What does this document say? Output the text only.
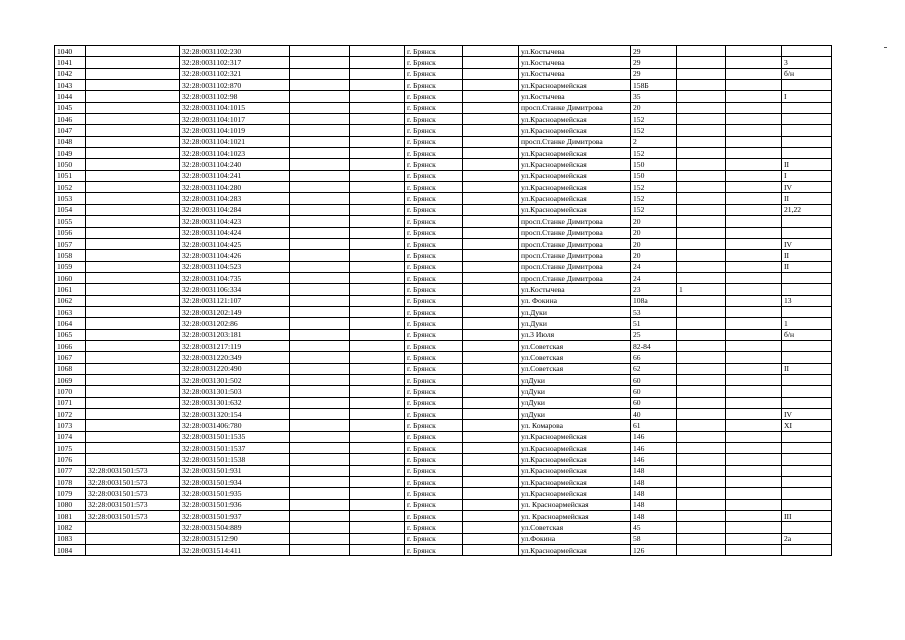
1040		32:28:0031102:230			г. Брянск		ул.Костычева	29			
1041		32:28:0031102:317			г. Брянск		ул.Костычева	29			3
1042		32:28:0031102:321			г. Брянск		ул.Костычева	29			б/н
1043		32:28:0031102:870			г. Брянск		ул.Красноармейская	158Б			
1044		32:28:0031102:98			г. Брянск		ул.Костычева	35			I
1045		32:28:0031104:1015			г. Брянск		просп.Станке Димитрова	20			
1046		32:28:0031104:1017			г. Брянск		ул.Красноармейская	152			
1047		32:28:0031104:1019			г. Брянск		ул.Красноармейская	152			
1048		32:28:0031104:1021			г. Брянск		просп.Станке Димитрова	2			
1049		32:28:0031104:1023			г. Брянск		ул.Красноармейская	152			
1050		32:28:0031104:240			г. Брянск		ул.Красноармейская	150			II
1051		32:28:0031104:241			г. Брянск		ул.Красноармейская	150			I
1052		32:28:0031104:280			г. Брянск		ул.Красноармейская	152			IV
1053		32:28:0031104:283			г. Брянск		ул.Красноармейская	152			II
1054		32:28:0031104:284			г. Брянск		ул.Красноармейская	152			21,22
1055		32:28:0031104:423			г. Брянск		просп.Станке Димитрова	20			
1056		32:28:0031104:424			г. Брянск		просп.Станке Димитрова	20			
1057		32:28:0031104:425			г. Брянск		просп.Станке Димитрова	20			IV
1058		32:28:0031104:426			г. Брянск		просп.Станке Димитрова	20			II
1059		32:28:0031104:523			г. Брянск		просп.Станке Димитрова	24			II
1060		32:28:0031104:735			г. Брянск		просп.Станке Димитрова	24			
1061		32:28:0031106:334			г. Брянск		ул.Костычева	23	1		
1062		32:28:0031121:107			г. Брянск		ул. Фокина	108а			13
1063		32:28:0031202:149			г. Брянск		ул.Дуки	53			
1064		32:28:0031202:86			г. Брянск		ул.Дуки	51			1
1065		32:28:0031203:181			г. Брянск		ул.3 Июля	25			б/н
1066		32:28:0031217:119			г. Брянск		ул.Советская	82-84			
1067		32:28:0031220:349			г. Брянск		ул.Советская	66			
1068		32:28:0031220:490			г. Брянск		ул.Советская	62			II
1069		32:28:0031301:502			г. Брянск		улДуки	60			
1070		32:28:0031301:503			г. Брянск		улДуки	60			
1071		32:28:0031301:632			г. Брянск		улДуки	60			
1072		32:28:0031320:154			г. Брянск		улДуки	40			IV
1073		32:28:0031406:780			г. Брянск		ул. Комарова	61			XI
1074		32:28:0031501:1535			г. Брянск		ул.Красноармейская	146			
1075		32:28:0031501:1537			г. Брянск		ул.Красноармейская	146			
1076		32:28:0031501:1538			г. Брянск		ул.Красноармейская	146			
1077	32:28:0031501:573	32:28:0031501:931			г. Брянск		ул.Красноармейская	148			
1078	32:28:0031501:573	32:28:0031501:934			г. Брянск		ул.Красноармейская	148			
1079	32:28:0031501:573	32:28:0031501:935			г. Брянск		ул.Красноармейская	148			
1080	32:28:0031501:573	32:28:0031501:936			г. Брянск		ул. Красноармейская	148			
1081	32:28:0031501:573	32:28:0031501:937			г. Брянск		ул. Красноармейская	148			III
1082		32:28:0031504:889			г. Брянск		ул.Советская	45			
1083		32:28:0031512:90			г. Брянск		ул.Фокина	58			2а
1084		32:28:0031514:411			г. Брянск		ул.Красноармейская	126			
